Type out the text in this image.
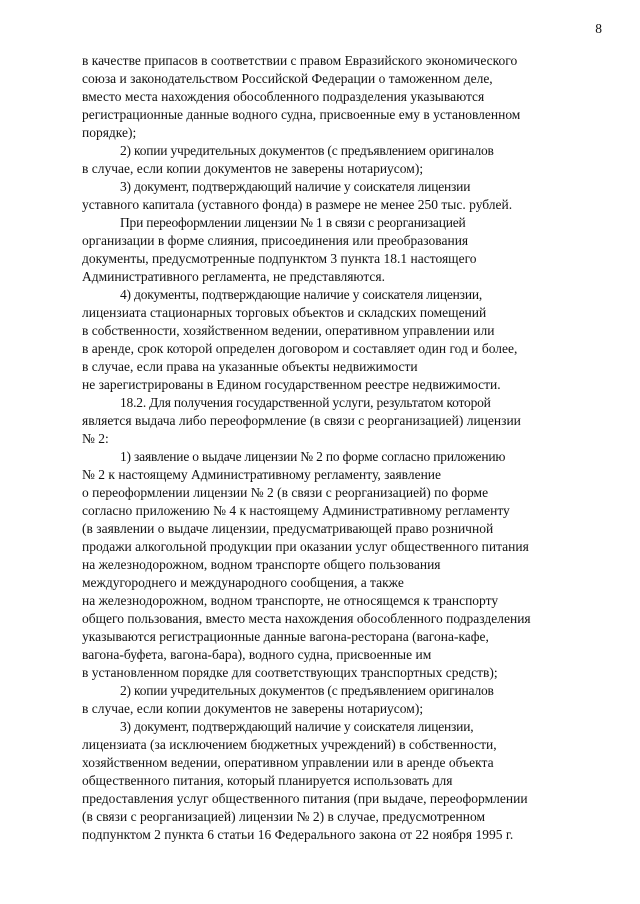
8

в качестве припасов в соответствии с правом Евразийского экономического
союза и законодательством Российской Федерации о таможенном деле,
вместо места нахождения обособленного подразделения указываются
регистрационные данные водного судна, присвоенные ему в установленном
порядке);

2) копии учредительных документов (с предъявлением оригиналов
в случае, если копии документов не заверены нотариусом);

3) документ, подтверждающий наличие у соискателя лицензии
уставного капитала (уставного фонда) в размере не менее 250 тыс. рублей.

При переоформлении лицензии № 1 в связи с реорганизацией
организации в форме слияния, присоединения или преобразования
документы, предусмотренные подпунктом 3 пункта 18.1 настоящего
Административного регламента, не представляются.

4) документы, подтверждающие наличие у соискателя лицензии,
лицензиата стационарных торговых объектов и складских помещений
в собственности, хозяйственном ведении, оперативном управлении или
в аренде, срок которой определен договором и составляет один год и более,
в случае, если права на указанные объекты недвижимости
не зарегистрированы в Едином государственном реестре недвижимости.

18.2. Для получения государственной услуги, результатом которой
является выдача либо переоформление (в связи с реорганизацией) лицензии
№ 2:

1) заявление о выдаче лицензии № 2 по форме согласно приложению
№ 2 к настоящему Административному регламенту, заявление
о переоформлении лицензии № 2 (в связи с реорганизацией) по форме
согласно приложению № 4 к настоящему Административному регламенту
(в заявлении о выдаче лицензии, предусматривающей право розничной
продажи алкогольной продукции при оказании услуг общественного питания
на железнодорожном, водном транспорте общего пользования
междугороднего и международного сообщения, а также
на железнодорожном, водном транспорте, не относящемся к транспорту
общего пользования, вместо места нахождения обособленного подразделения
указываются регистрационные данные вагона-ресторана (вагона-кафе,
вагона-буфета, вагона-бара), водного судна, присвоенные им
в установленном порядке для соответствующих транспортных средств);

2) копии учредительных документов (с предъявлением оригиналов
в случае, если копии документов не заверены нотариусом);

3) документ, подтверждающий наличие у соискателя лицензии,
лицензиата (за исключением бюджетных учреждений) в собственности,
хозяйственном ведении, оперативном управлении или в аренде объекта
общественного питания, который планируется использовать для
предоставления услуг общественного питания (при выдаче, переоформлении
(в связи с реорганизацией) лицензии № 2) в случае, предусмотренном
подпунктом 2 пункта 6 статьи 16 Федерального закона от 22 ноября 1995 г.
